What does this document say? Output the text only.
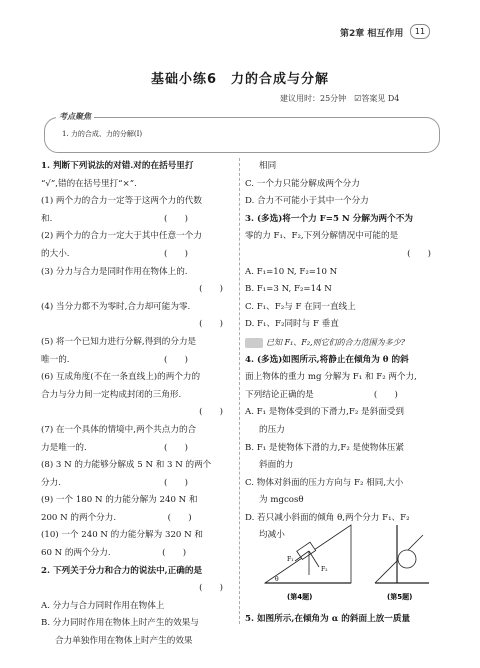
第2章 相互作用	11
基础小练6　力的合成与分解
建议用时：25分钟　☑答案见 D4
考点聚焦
1. 力的合成、力的分解(Ⅰ)

1. 判断下列说法的对错.对的在括号里打

“√”,错的在括号里打“×”.

(1) 两个力的合力一定等于这两个力的代数

和.　　　　　　　　　　　　　(　　)

(2) 两个力的合力一定大于其中任意一个力

的大小.　　　　　　　　　　　(　　)

(3) 分力与合力是同时作用在物体上的.

(　　)

(4) 当分力都不为零时,合力却可能为零.

(　　)

(5) 将一个已知力进行分解,得到的分力是

唯一的.　　　　　　　　　　　(　　)

(6) 互成角度(不在一条直线上)的两个力的

合力与分力间一定构成封闭的三角形.

(　　)

(7) 在一个具体的情境中,两个共点力的合

力是唯一的.　　　　　　　　　(　　)

(8) 3 N 的力能够分解成 5 N 和 3 N 的两个

分力.　　　　　　　　　　　　(　　)

(9) 一个 180 N 的力能分解为 240 N 和

200 N 的两个分力.　　　　　　(　　)

(10) 一个 240 N 的力能分解为 320 N 和

60 N 的两个分力.　　　　　　(　　)

2. 下列关于分力和合力的说法中,正确的是

(　　)

A. 分力与合力同时作用在物体上

B. 分力同时作用在物体上时产生的效果与

合力单独作用在物体上时产生的效果

相同

C. 一个力只能分解成两个分力

D. 合力不可能小于其中一个分力

3. (多选)将一个力 F=5 N 分解为两个不为

零的力 F₁、F₂,下列分解情况中可能的是

(　　)

A. F₁=10 N, F₂=10 N

B. F₁=3 N, F₂=14 N

C. F₁、F₂与 F 在同一直线上

D. F₁、F₂同时与 F 垂直

已知 F₁、F₂,则它们的合力范围为多少?

4. (多选)如图所示,将静止在倾角为 θ 的斜

面上物体的重力 mg 分解为 F₁ 和 F₂ 两个力,

下列结论正确的是　　　　　　　(　　)

A. F₁ 是物体受到的下滑力,F₂ 是斜面受到

的压力

B. F₁ 是使物体下滑的力,F₂ 是使物体压紧

斜面的力

C. 物体对斜面的压力方向与 F₂ 相同,大小

为 mgcosθ

D. 若只减小斜面的倾角 θ,两个分力 F₁、F₂

均减小

F₁
F₂
θ
(第4题)	(第5题)

5. 如图所示,在倾角为 α 的斜面上放一质量
